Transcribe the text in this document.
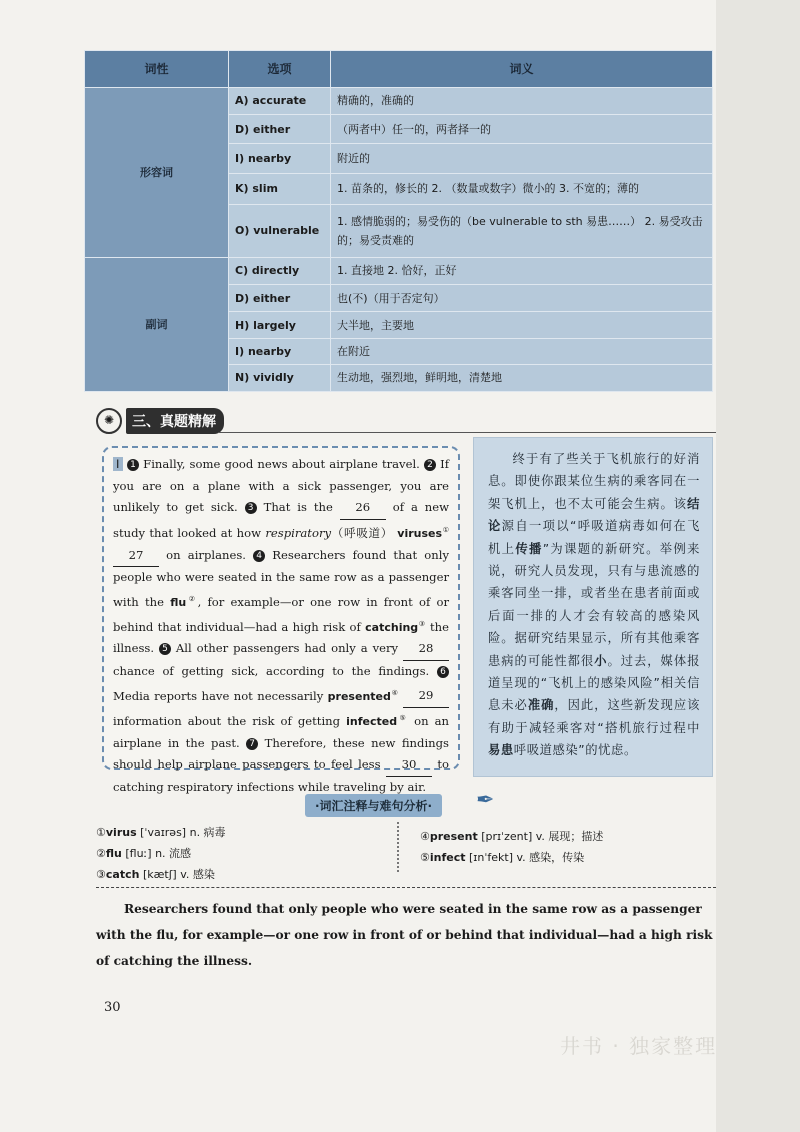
词性	选项	词义
形容词	A) accurate	精确的，准确的
	D) either	（两者中）任一的，两者择一的
	I) nearby	附近的
	K) slim	1. 苗条的，修长的 2. （数量或数字）微小的 3. 不宽的；薄的
	O) vulnerable	1. 感情脆弱的；易受伤的（be vulnerable to sth 易患……） 2. 易受攻击的；易受责难的
副词	C) directly	1. 直接地 2. 恰好，正好
	D) either	也(不)（用于否定句）
	H) largely	大半地，主要地
	I) nearby	在附近
	N) vividly	生动地，强烈地，鲜明地，清楚地
✺	三、真题精解
Ⅰ 1 Finally, some good news about airplane travel. 2 If you are on a plane with a sick passenger, you are unlikely to get sick. 3 That is the 26 of a new study that looked at how respiratory（呼吸道） viruses① 27 on airplanes. 4 Researchers found that only people who were seated in the same row as a passenger with the flu②, for example—or one row in front of or behind that individual—had a high risk of catching③ the illness. 5 All other passengers had only a very 28 chance of getting sick, according to the findings. 6 Media reports have not necessarily presented④ 29 information about the risk of getting infected⑤ on an airplane in the past. 7 Therefore, these new findings should help airplane passengers to feel less 30 to catching respiratory infections while traveling by air.
终于有了些关于飞机旅行的好消息。即使你跟某位生病的乘客同在一架飞机上，也不太可能会生病。该结论源自一项以“呼吸道病毒如何在飞机上传播”为课题的新研究。举例来说，研究人员发现，只有与患流感的乘客同坐一排，或者坐在患者前面或后面一排的人才会有较高的感染风险。据研究结果显示，所有其他乘客患病的可能性都很小。过去，媒体报道呈现的“飞机上的感染风险”相关信息未必准确，因此，这些新发现应该有助于减轻乘客对“搭机旅行过程中易患呼吸道感染”的忧虑。
·词汇注释与难句分析·	✒
①virus [ˈvaɪrəs] n. 病毒
②flu [fluː] n. 流感
③catch [kætʃ] v. 感染
④present [prɪˈzent] v. 展现；描述
⑤infect [ɪnˈfekt] v. 感染，传染
Researchers found that only people who were seated in the same row as a passenger with the flu, for example—or one row in front of or behind that individual—had a high risk of catching the illness.
30
井书 · 独家整理
